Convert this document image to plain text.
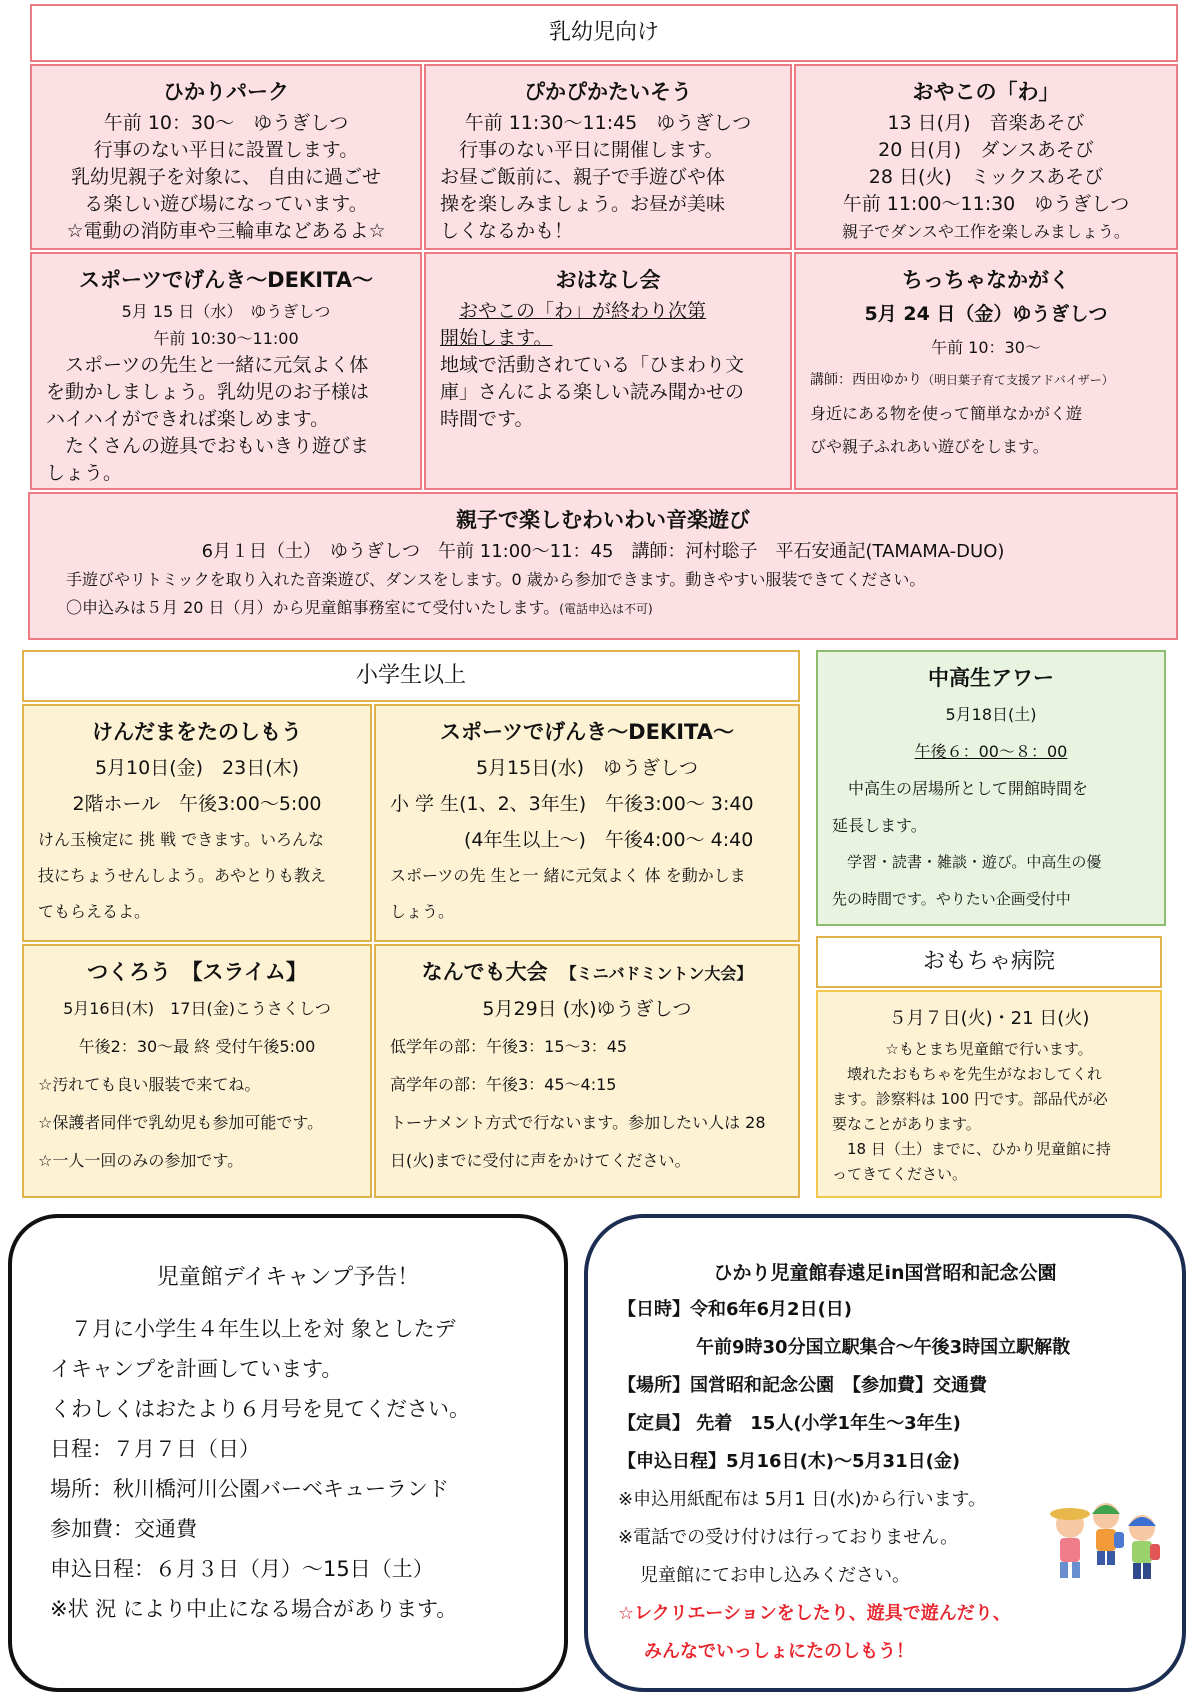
乳幼児向け
ひかりパーク
午前 10：30～　ゆうぎしつ
行事のない平日に設置します。
乳幼児親子を対象に、 自由に過ごせ
る楽しい遊び場になっています。
☆電動の消防車や三輪車などあるよ☆
ぴかぴかたいそう
午前 11:30～11:45　ゆうぎしつ
行事のない平日に開催します。
お昼ご飯前に、親子で手遊びや体
操を楽しみましょう。お昼が美味
しくなるかも！
おやこの「わ」
13 日(月)　音楽あそび
20 日(月)　ダンスあそび
28 日(火)　ミックスあそび
午前 11:00～11:30　ゆうぎしつ
親子でダンスや工作を楽しみましょう。
スポーツでげんき～DEKITA～
5月 15 日（水）　ゆうぎしつ
午前 10:30～11:00
スポーツの先生と一緒に元気よく体
を動かしましょう。乳幼児のお子様は
ハイハイができれば楽しめます。
たくさんの遊具でおもいきり遊びま
しょう。
おはなし会
おやこの「わ」が終わり次第
開始します。
地域で活動されている「ひまわり文
庫」さんによる楽しい読み聞かせの
時間です。
ちっちゃなかがく
5月 24 日（金）ゆうぎしつ
午前 10：30～
講師：西田ゆかり（明日葉子育て支援アドバイザー）
身近にある物を使って簡単なかがく遊
びや親子ふれあい遊びをします。
親子で楽しむわいわい音楽遊び
6月１日（土）　ゆうぎしつ　午前 11:00～11：45　講師：河村聡子　平石安通記(TAMAMA-DUO)
手遊びやリトミックを取り入れた音楽遊び、ダンスをします。0 歳から参加できます。動きやすい服装できてください。
〇申込みは５月 20 日（月）から児童館事務室にて受付いたします。(電話申込は不可)
小学生以上
けんだまをたのしもう
5月10日(金)　23日(木)
2階ホール　午後3:00～5:00
けん玉検定に 挑 戦 できます。いろんな
技にちょうせんしよう。あやとりも教え
てもらえるよ。
スポーツでげんき～DEKITA～
5月15日(水)　ゆうぎしつ
小 学 生(1、2、3年生)　午後3:00～ 3:40
(4年生以上～)　午後4:00～ 4:40
スポーツの先 生と一 緒に元気よく 体 を動かしま
しょう。
つくろう　【スライム】
5月16日(木)　17日(金)こうさくしつ
午後2：30～最 終 受付午後5:00
☆汚れても良い服装で来てね。
☆保護者同伴で乳幼児も参加可能です。
☆一人一回のみの参加です。
なんでも大会　 【ミニバドミントン大会】
5月29日 (水)ゆうぎしつ
低学年の部：午後3：15～3：45
高学年の部：午後3：45～4:15
トーナメント方式で行ないます。参加したい人は 28
日(火)までに受付に声をかけてください。
中高生アワー
5月18日(土)
午後６：00～８：00
中高生の居場所として開館時間を
延長します。
学習・読書・雑談・遊び。中高生の優
先の時間です。やりたい企画受付中
おもちゃ病院
５月７日(火)・21 日(火)
☆もとまち児童館で行います。
壊れたおもちゃを先生がなおしてくれ
ます。診察料は 100 円です。部品代が必
要なことがあります。
18 日（土）までに、ひかり児童館に持
ってきてください。
児童館デイキャンプ予告！
７月に小学生４年生以上を対 象としたデ
イキャンプを計画しています。
くわしくはおたより６月号を見てください。
日程：７月７日（日）
場所：秋川橋河川公園バーベキューランド
参加費：交通費
申込日程：６月３日（月）～15日（土）
※状 況 により中止になる場合があります。
ひかり児童館春遠足in国営昭和記念公園
【日時】令和6年6月2日(日)
午前9時30分国立駅集合～午後3時国立駅解散
【場所】国営昭和記念公園　【参加費】交通費
【定員】 先着　15人(小学1年生～3年生)
【申込日程】5月16日(木)～5月31日(金)
※申込用紙配布は 5月1 日(水)から行います。
※電話での受け付けは行っておりません。
児童館にてお申し込みください。
☆レクリエーションをしたり、遊具で遊んだり、
みんなでいっしょにたのしもう！
